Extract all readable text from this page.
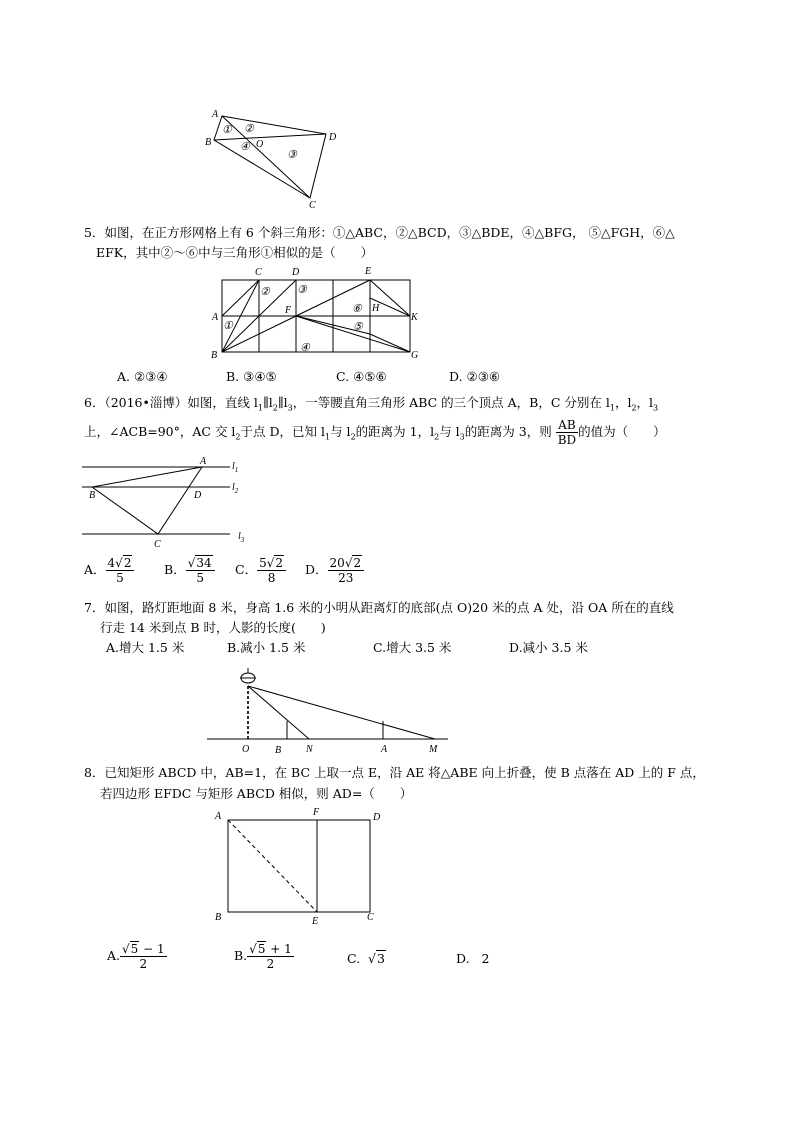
A
B
C
D
O
① ②
④
③
5．如图，在正方形网格上有 6 个斜三角形：①△ABC，②△BCD，③△BDE，④△BFG， ⑤△FGH，⑥△
EFK，其中②～⑥中与三角形①相似的是（　　）
C	D	E
A
B
F	H
K
G
①
② ③
④
⑤
⑥
A. ②③④	B. ③④⑤	C. ④⑤⑥	D. ②③⑥
6．（2016•淄博）如图，直线 $l_1\parallel l_2\parallel l_3$，一等腰直角三角形 ABC 的三个顶点 A，B，C 分别在 $l_1$，$l_2$，$l_3$
上，∠ACB=90°，AC 交 $l_2$于点 D，已知 $l_1$与 $l_2$的距离为 1，$l_2$与 $l_3$的距离为 3，则 $\frac{AB}{BD}$ 的值为（　　）
A
B	D
C
$l_1$
$l_2$
$l_3$
A． $\frac{4√2}{5}$ B． $\frac{√34}{5}$ C． $\frac{5√2}{8}$ D． $\frac{20√2}{23}$
7．如图，路灯距地面 8 米，身高 1.6 米的小明从距离灯的底部(点 O)20 米的点 A 处，沿 OA 所在的直线
行走 14 米到点 B 时，人影的长度(　　)
A.增大 1.5 米	B.减小 1.5 米	C.增大 3.5 米	D.减小 3.5 米
O	B N	A	M
8．已知矩形 ABCD 中，AB=1，在 BC 上取一点 E，沿 AE 将△ABE 向上折叠，使 B 点落在 AD 上的 F 点，
若四边形 EFDC 与矩形 ABCD 相似，则 AD=（　　）
A	F	D
B	E	C
A. $\frac{√5 - 1}{2}$	B. $\frac{√5 + 1}{2}$	C.  √3	D. 2
